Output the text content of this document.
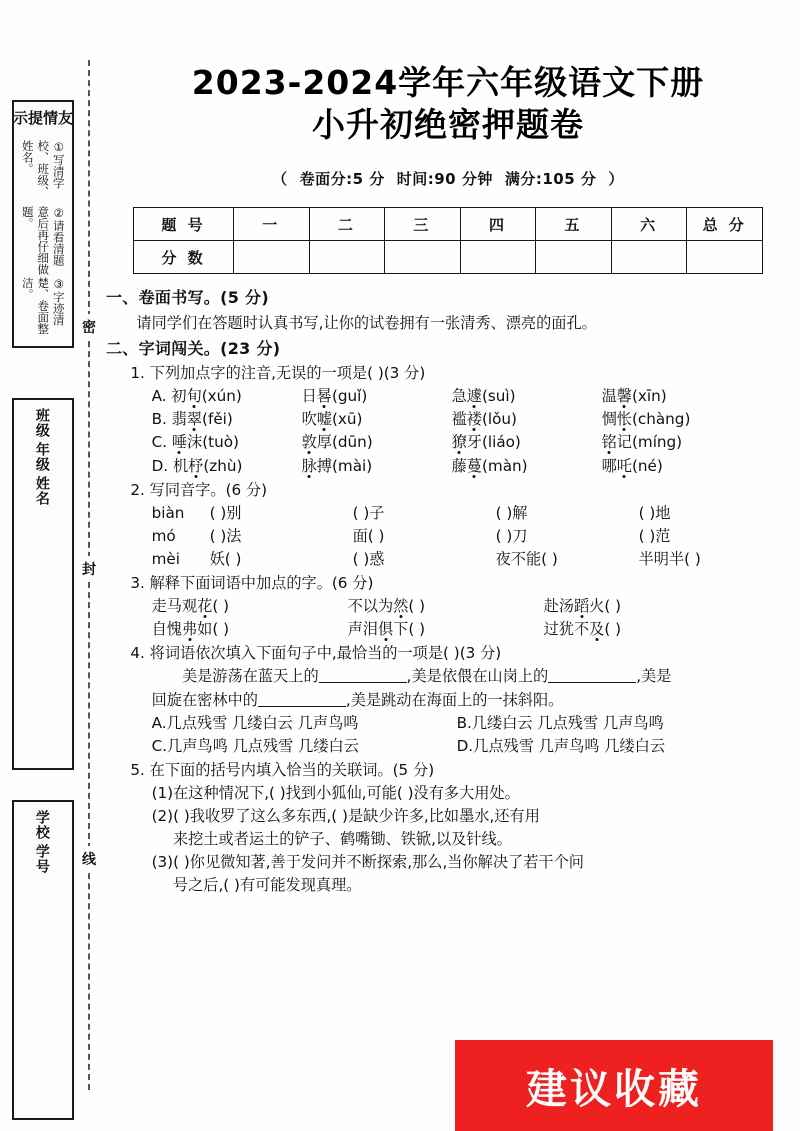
友情提示
①写清学校、班级、姓名。
②请看清题意后再仔细做题。
③字迹清楚、卷面整洁。
班级
年级
姓名
学校
学号
密
封
线
2023-2024学年六年级语文下册
小升初绝密押题卷
（ 卷面分:5 分 时间:90 分钟 满分:105 分 ）
题 号	一	二	三	四	五	六	总 分
分 数							
一、卷面书写。(5 分)
请同学们在答题时认真书写,让你的试卷拥有一张清秀、漂亮的面孔。
二、字词闯关。(23 分)
1. 下列加点字的注音,无误的一项是( )(3 分)
A. 初旬(xún)	日晷(guǐ)	急遽(suì)	温馨(xīn)
B. 翡翠(fěi)	吹嘘(xū)	褴褛(lǒu)	惆怅(chàng)
C. 唾沫(tuò)	敦厚(dūn)	獠牙(liáo)	铭记(míng)
D. 机杼(zhù)	脉搏(mài)	藤蔓(màn)	哪吒(né)
2. 写同音字。(6 分)
biàn	( )别	( )子	( )解	( )地
mó	( )法	面( )	( )刀	( )范
mèi	妖( )	( )惑	夜不能( )	半明半( )
3. 解释下面词语中加点的字。(6 分)
走马观花( )	不以为然( )	赴汤蹈火( )
自愧弗如( )	声泪俱下( )	过犹不及( )
4. 将词语依次填入下面句子中,最恰当的一项是( )(3 分)
美是游荡在蓝天上的	,美是依偎在山岗上的	,美是
回旋在密林中的	,美是跳动在海面上的一抹斜阳。
A.几点残雪 几缕白云 几声鸟鸣	B.几缕白云 几点残雪 几声鸟鸣
C.几声鸟鸣 几点残雪 几缕白云	D.几点残雪 几声鸟鸣 几缕白云
5. 在下面的括号内填入恰当的关联词。(5 分)
(1)在这种情况下,( )找到小狐仙,可能( )没有多大用处。
(2)( )我收罗了这么多东西,( )是缺少许多,比如墨水,还有用
来挖土或者运土的铲子、鹤嘴锄、铁锨,以及针线。
(3)( )你见微知著,善于发问并不断探索,那么,当你解决了若干个问
号之后,( )有可能发现真理。
建议收藏
